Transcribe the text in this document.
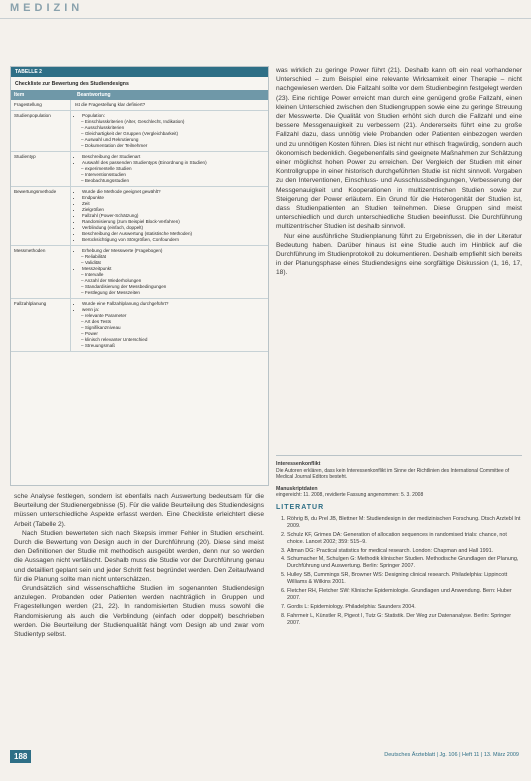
MEDIZIN
TABELLE 2
Checkliste zur Bewertung des Studiendesigns
Item	Beantwortung
Fragestellung	Ist die Fragestellung klar definiert?
Studienpopulation	• Population:
– Einschlusskriterien (Alter, Geschlecht, Indikation)
– Ausschlusskriterien
– Gleichartigkeit der Gruppen (Vergleichbarkeit)
– Auswahl und Rekrutierung
– Dokumentation der Teilnehmer
Studientyp	• Beschreibung der Studienart
• Auswahl des passenden Studientyps (Einordnung in Studien)
– experimentelle Studien
– Interventionsstudien
– Beobachtungsstudien
Bewertungsmethode	• Wurde die Methode geeignet gewählt?
• Endpunkte
• Zeit
• Zielgrößen
• Fallzahl (Power-Schätzung)
• Randomisierung (zum Beispiel Block-Verfahren)
• Verblindung (einfach, doppelt)
• Beschreibung der Auswertung (statistische Methoden)
• Berücksichtigung von Störgrößen, Confoundern
Messmethoden	• Erhebung der Messwerte (Fragebogen)
– Reliabilität
– Validität
• Messzeitpunkt
– Intervalle
– Anzahl der Wiederholungen
– Standardisierung der Messbedingungen
– Festlegung der Messzeiten
Fallzahlplanung	• Wurde eine Fallzahlplanung durchgeführt?
• wenn ja:
– relevante Parameter
– Art des Tests
– Signifikanzniveau
– Power
– klinisch relevanter Unterschied
– Streuungsmaß

sche Analyse festlegen, sondern ist ebenfalls nach Auswertung bedeutsam für die Beurteilung der Studienergebnisse (5). Für die valide Beurteilung des Studiendesigns müssen unterschiedliche Aspekte erfasst werden. Eine Checkliste erleichtert diese Arbeit (Tabelle 2).

Nach Studien bewerteten sich nach Skepsis immer Fehler in Studien erscheint. Durch die Bewertung von Design auch in der Durchführung (20). Diese sind meist den Definitionen der Studie mit methodisch ausgeübt werden, denn nur so werden die Aussagen nicht verfälscht. Deshalb muss die Studie vor der Durchführung genau und detailliert geplant sein und jeder Schritt fest begründet werden. Den Zeitaufwand für die Planung sollte man nicht unterschätzen.

Grundsätzlich sind wissenschaftliche Studien im sogenannten Studiendesign anzulegen. Probanden oder Patienten werden nachträglich in Gruppen und Fragestellungen werden (21, 22). In randomisierten Studien muss sowohl die Randomisierung als auch die Verblindung (einfach oder doppelt) beschrieben werden. Die Beurteilung der Studienqualität hängt vom Design ab und zwar vom Studientyp selbst.

was wirklich zu geringe Power führt (21). Deshalb kann oft ein real vorhandener Unterschied – zum Beispiel eine relevante Wirksamkeit einer Therapie – nicht nachgewiesen werden. Die Fallzahl sollte vor dem Studienbeginn festgelegt werden (23). Eine richtige Power erreicht man durch eine genügend große Fallzahl, einen kleinen Unterschied zwischen den Studiengruppen sowie eine zu geringe Streuung der Messwerte. Die Qualität von Studien erhöht sich durch die Fallzahl und eine bessere Messgenauigkeit zu verbessern (21). Andererseits führt eine zu große Fallzahl dazu, dass unnötig viele Probanden oder Patienten einbezogen werden und zu unnötigen Kosten führen. Dies ist nicht nur ethisch fragwürdig, sondern auch ökonomisch bedenklich. Gegebenenfalls sind geeignete Maßnahmen zur Schätzung einer möglichst hohen Power zu erreichen. Der Vergleich der Studien mit einer Kontrollgruppe in einer historisch durchgeführten Studie ist nicht sinnvoll. Vorgaben zu den Interventionen, Einschluss- und Ausschlussbedingungen, Verbesserung der Messgenauigkeit und Kooperationen in multizentrischen Studien sowie zur Steigerung der Power erläutern. Ein Grund für die Heterogenität der Studien ist, dass Studienpatienten an Studien teilnehmen. Diese Gruppen sind meist unterschiedlich und durch unterschiedliche Studien beeinflusst. Die Durchführung multizentrischer Studien ist deshalb sinnvoll.

Nur eine ausführliche Studienplanung führt zu Ergebnissen, die in der Literatur Bedeutung haben. Darüber hinaus ist eine Studie auch im Hinblick auf die Durchführung im Studienprotokoll zu dokumentieren. Deshalb empfiehlt sich bereits in der Planungsphase eines Studiendesigns eine sorgfältige Diskussion (1, 16, 17, 18).

Interessenkonflikt
Die Autoren erklären, dass kein Interessenkonflikt im Sinne der Richtlinien des International Committee of Medical Journal Editors besteht.
Manuskriptdaten
eingereicht: 11. 2008, revidierte Fassung angenommen: 5. 3. 2008
LITERATUR
1. Röhrig B, du Prel JB, Blettner M: Studiendesign in der medizinischen Forschung. Dtsch Arztebl Int 2009.
2. Schulz KF, Grimes DA: Generation of allocation sequences in randomised trials: chance, not choice. Lancet 2002; 359: 515–9.
3. Altman DG: Practical statistics for medical research. London: Chapman and Hall 1991.
4. Schumacher M, Schulgen G: Methodik klinischer Studien. Methodische Grundlagen der Planung, Durchführung und Auswertung. Berlin: Springer 2007.
5. Hulley SB, Cummings SR, Browner WS: Designing clinical research. Philadelphia: Lippincott Williams & Wilkins 2001.
6. Fletcher RH, Fletcher SW: Klinische Epidemiologie. Grundlagen und Anwendung. Bern: Huber 2007.
7. Gordis L: Epidemiology. Philadelphia: Saunders 2004.
8. Fahrmeir L, Künstler R, Pigeot I, Tutz G: Statistik. Der Weg zur Datenanalyse. Berlin: Springer 2007.
188	Deutsches Ärzteblatt | Jg. 106 | Heft 11 | 13. März 2009
